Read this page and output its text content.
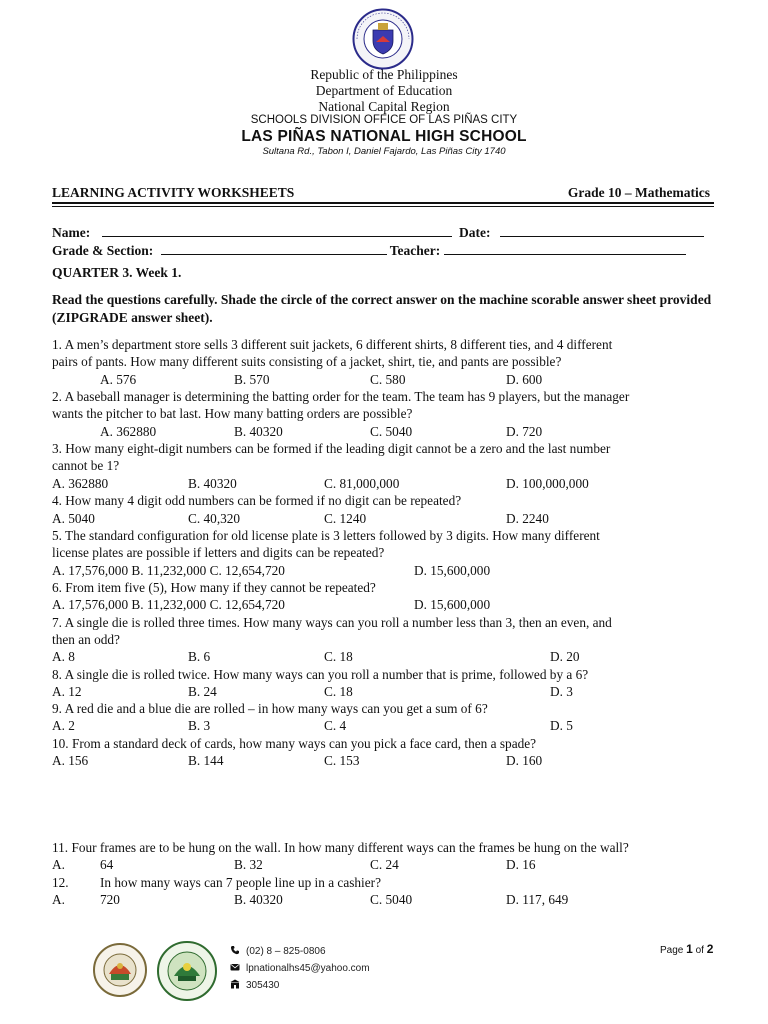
Republic of the Philippines
Department of Education
National Capital Region
SCHOOLS DIVISION OFFICE OF LAS PIÑAS CITY
LAS PIÑAS NATIONAL HIGH SCHOOL
Sultana Rd., Tabon I, Daniel Fajardo, Las Piñas City 1740
LEARNING ACTIVITY WORKSHEETS	Grade 10 – Mathematics
Name:	Date:
Grade & Section:	Teacher:
QUARTER 3. Week 1.
Read the questions carefully. Shade the circle of the correct answer on the machine scorable answer sheet provided (ZIPGRADE answer sheet).
1. A men’s department store sells 3 different suit jackets, 6 different shirts, 8 different ties, and 4 different
pairs of pants. How many different suits consisting of a jacket, shirt, tie, and pants are possible?
A. 576	B. 570	C. 580	D. 600
2. A baseball manager is determining the batting order for the team. The team has 9 players, but the manager
wants the pitcher to bat last. How many batting orders are possible?
A. 362880	B. 40320	C. 5040	D. 720
3. How many eight-digit numbers can be formed if the leading digit cannot be a zero and the last number
cannot be 1?
A. 362880	B. 40320	C. 81,000,000	D. 100,000,000
4. How many 4 digit odd numbers can be formed if no digit can be repeated?
A. 5040	C. 40,320	C. 1240	D. 2240
5. The standard configuration for old license plate is 3 letters followed by 3 digits. How many different
license plates are possible if letters and digits can be repeated?
A. 17,576,000 B. 11,232,000 C. 12,654,720	D. 15,600,000
6. From item five (5), How many if they cannot be repeated?
A. 17,576,000 B. 11,232,000 C. 12,654,720	D. 15,600,000
7. A single die is rolled three times. How many ways can you roll a number less than 3, then an even, and
then an odd?
A. 8	B. 6	C. 18	D. 20
8. A single die is rolled twice. How many ways can you roll a number that is prime, followed by a 6?
A. 12	B. 24	C. 18	D. 3
9. A red die and a blue die are rolled – in how many ways can you get a sum of 6?
A. 2	B. 3	C. 4	D. 5
10. From a standard deck of cards, how many ways can you pick a face card, then a spade?
A. 156	B. 144	C. 153	D. 160
11. Four frames are to be hung on the wall. In how many different ways can the frames be hung on the wall?
A.	64	B. 32	C. 24	D. 16
12. In how many ways can 7 people line up in a cashier?
A.	720	B. 40320	C. 5040	D. 117, 649
(02) 8 – 825-0806
lpnationalhs45@yahoo.com
305430
Page 1 of 2
